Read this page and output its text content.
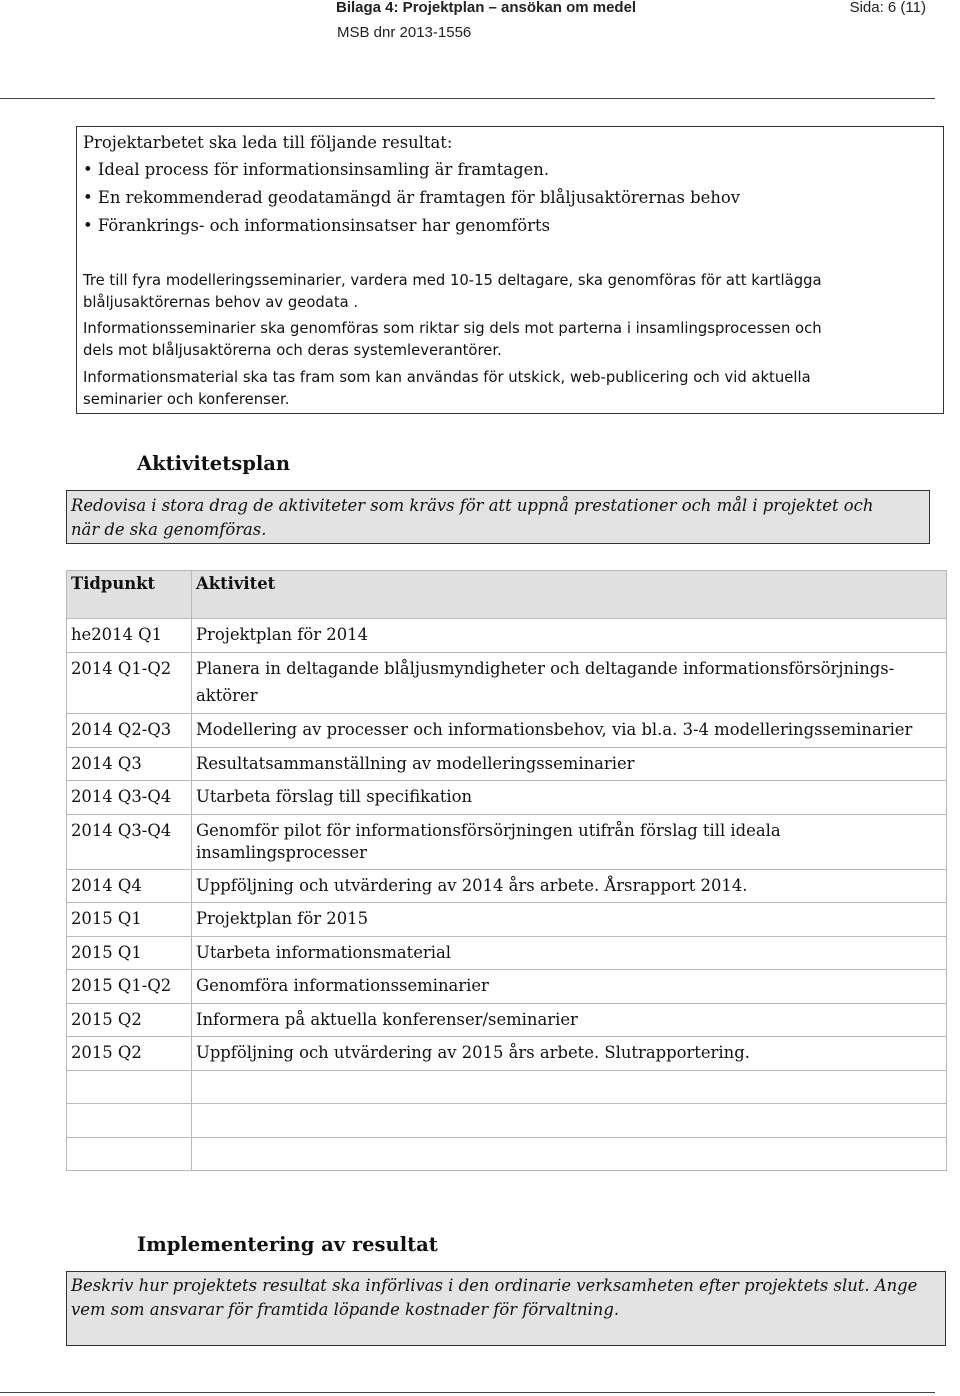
Bilaga 4: Projektplan – ansökan om medel	Sida: 6 (11)
MSB dnr 2013-1556
Projektarbetet ska leda till följande resultat:
• Ideal process för informationsinsamling är framtagen.
• En rekommenderad geodatamängd är framtagen för blåljusaktörernas behov
• Förankrings- och informationsinsatser har genomförts
Tre till fyra modelleringsseminarier, vardera med 10-15 deltagare, ska genomföras för att kartlägga
blåljusaktörernas behov av geodata .
Informationsseminarier ska genomföras som riktar sig dels mot parterna i insamlingsprocessen och
dels mot blåljusaktörerna och deras systemleverantörer.
Informationsmaterial ska tas fram som kan användas för utskick, web-publicering och vid aktuella
seminarier och konferenser.
Aktivitetsplan
Redovisa i stora drag de aktiviteter som krävs för att uppnå prestationer och mål i projektet och
när de ska genomföras.
Tidpunkt	Aktivitet
he2014 Q1	Projektplan för 2014
2014 Q1-Q2	Planera in deltagande blåljusmyndigheter och deltagande informationsförsörjnings-
aktörer

2014 Q2-Q3	Modellering av processer och informationsbehov, via bl.a. 3-4 modelleringsseminarier
2014 Q3	Resultatsammanställning av modelleringsseminarier
2014 Q3-Q4	Utarbeta förslag till specifikation
2014 Q3-Q4	Genomför pilot för informationsförsörjningen utifrån förslag till ideala
insamlingsprocesser

2014 Q4	Uppföljning och utvärdering av 2014 års arbete. Årsrapport 2014.
2015 Q1	Projektplan för 2015
2015 Q1	Utarbeta informationsmaterial
2015 Q1-Q2	Genomföra informationsseminarier
2015 Q2	Informera på aktuella konferenser/seminarier
2015 Q2	Uppföljning och utvärdering av 2015 års arbete. Slutrapportering.

Implementering av resultat
Beskriv hur projektets resultat ska införlivas i den ordinarie verksamheten efter projektets slut. Ange
vem som ansvarar för framtida löpande kostnader för förvaltning.
